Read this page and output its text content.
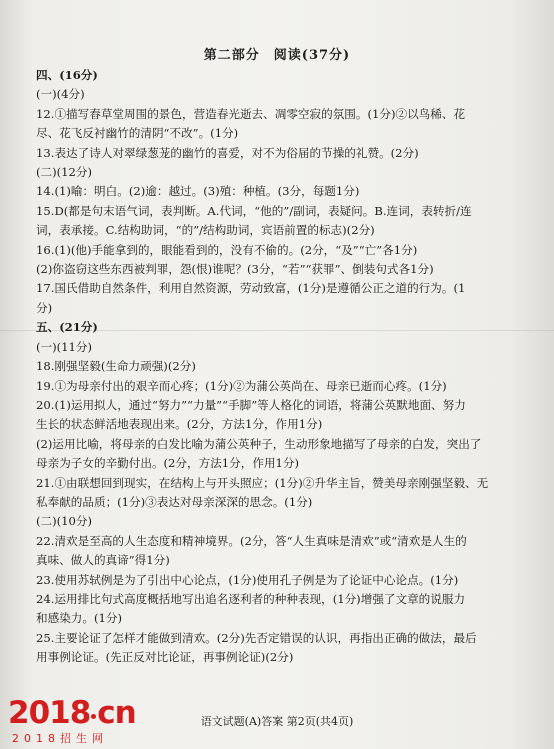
第二部分　阅读(37分)
四、(16分)
(一)(4分)
12.①描写舂草堂周围的景色，营造春光逝去、凋零空寂的氛围。(1分)②以鸟稀、花
尽、花飞反衬幽竹的清阴“不改”。(1分)
13.表达了诗人对翠绿葱茏的幽竹的喜爱，对不为俗届的节操的礼赞。(2分)
(二)(12分)
14.(1)喻：明白。(2)逾：越过。(3)殖：种植。(3分，每题1分)
15.D(都是句末语气词，表判断。A.代词，“他的”/副词，表疑问。B.连词，表转折/连
词，表承接。C.结构助词，“的”/结构助词，宾语前置的标志)(2分)
16.(1)(他)手能拿到的，眼能看到的，没有不偷的。(2分，“及”“亡”各1分)
(2)你盗窃这些东西被判罪，怨(恨)谁呢？(3分，“若”“获罪”、倒装句式各1分)
17.国氏借助自然条件，利用自然资源，劳动致富，(1分)是遵循公正之道的行为。(1
分)
五、(21分)
(一)(11分)
18.刚强坚毅(生命力顽强)(2分)
19.①为母亲付出的艰辛而心疼；(1分)②为蒲公英尚在、母亲已逝而心疼。(1分)
20.(1)运用拟人，通过“努力”“力量”“手脚”等人格化的词语，将蒲公英默地面、努力
生长的状态鲜活地表现出来。(2分，方法1分，作用1分)
(2)运用比喻，将母亲的白发比喻为蒲公英种子，生动形象地描写了母亲的白发，突出了
母亲为子女的辛勤付出。(2分，方法1分，作用1分)
21.①由联想回到现实，在结构上与开头照应；(1分)②升华主旨，赞美母亲刚强坚毅、无
私奉献的品质；(1分)③表达对母亲深深的思念。(1分)
(二)(10分)
22.清欢是至高的人生态度和精神境界。(2分，答“人生真味是清欢”或“清欢是人生的
真味、做人的真谛”得1分)
23.使用苏轼例是为了引出中心论点，(1分)使用孔子例是为了论证中心论点。(1分)
24.运用排比句式高度概括地写出追名逐利者的种种表现，(1分)增强了文章的说服力
和感染力。(1分)
25.主要论证了怎样才能做到清欢。(2分)先否定错误的认识，再指出正确的做法，最后
用事例论证。(先正反对比论证，再事例论证)(2分)
语文试题(A)答案 第2页(共4页)
2018 cn
2018招生网
